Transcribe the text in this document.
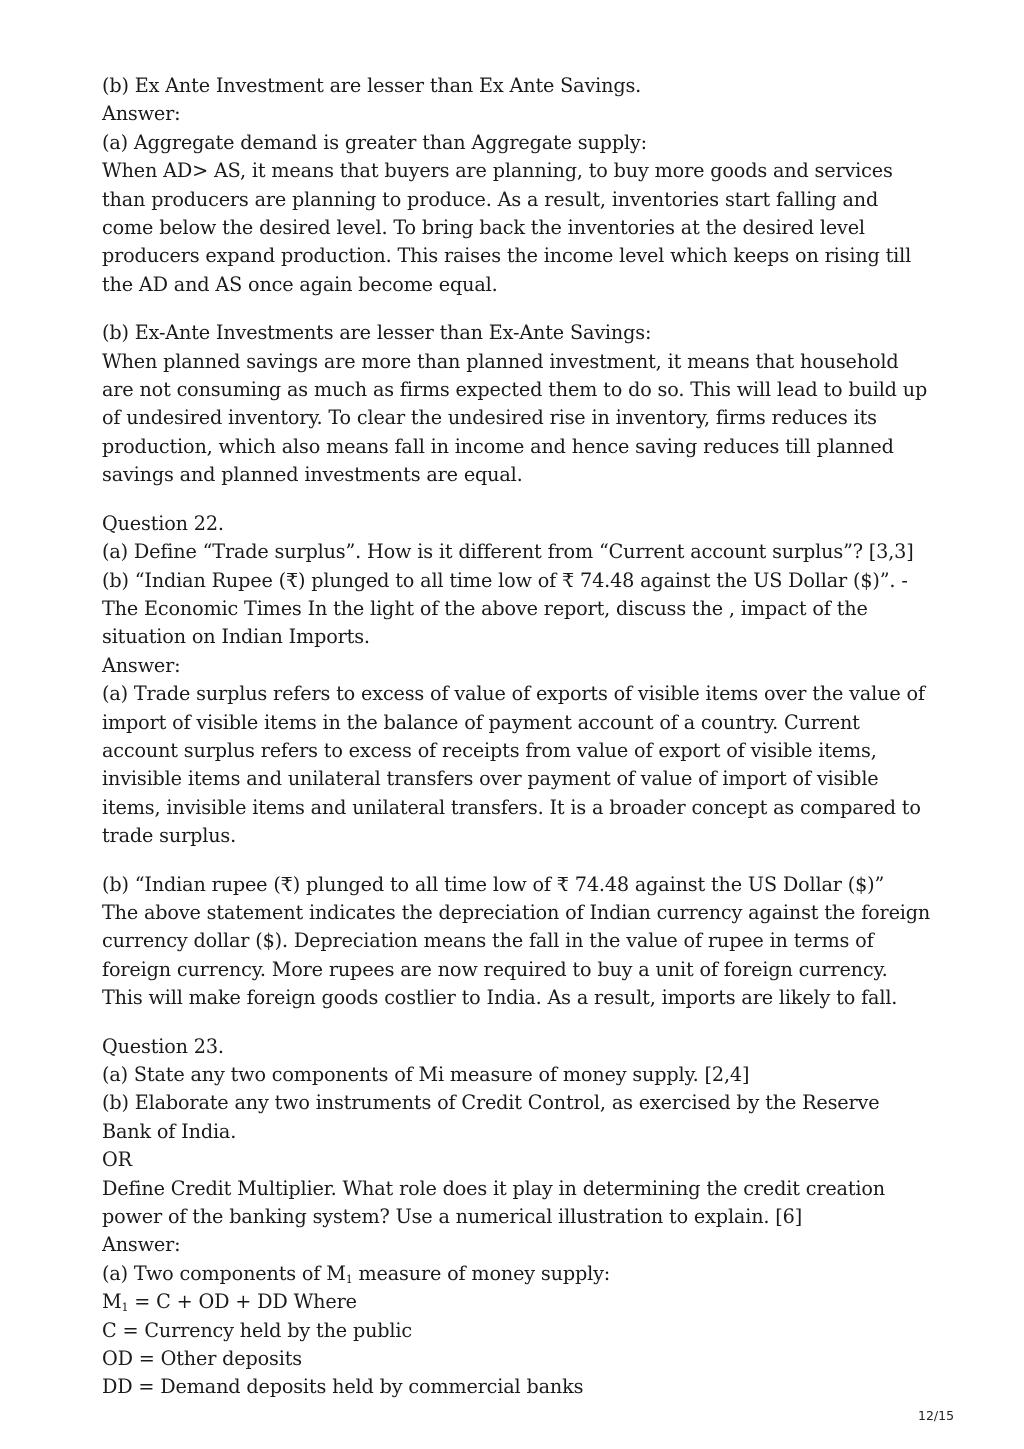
(b) Ex Ante Investment are lesser than Ex Ante Savings.

Answer:

(a) Aggregate demand is greater than Aggregate supply:

When AD> AS, it means that buyers are planning, to buy more goods and services than producers are planning to produce. As a result, inventories start falling and come below the desired level. To bring back the inventories at the desired level producers expand production. This raises the income level which keeps on rising till the AD and AS once again become equal.

(b) Ex-Ante Investments are lesser than Ex-Ante Savings:

When planned savings are more than planned investment, it means that household are not consuming as much as firms expected them to do so. This will lead to build up of undesired inventory. To clear the undesired rise in inventory, firms reduces its production, which also means fall in income and hence saving reduces till planned savings and planned investments are equal.

Question 22.

(a) Define “Trade surplus”. How is it different from “Current account surplus”? [3,3]

(b) “Indian Rupee (₹) plunged to all time low of ₹ 74.48 against the US Dollar ($)”. -The Economic Times In the light of the above report, discuss the , impact of the situation on Indian Imports.

Answer:

(a) Trade surplus refers to excess of value of exports of visible items over the value of import of visible items in the balance of payment account of a country. Current account surplus refers to excess of receipts from value of export of visible items, invisible items and unilateral transfers over payment of value of import of visible items, invisible items and unilateral transfers. It is a broader concept as compared to trade surplus.

(b) “Indian rupee (₹) plunged to all time low of ₹ 74.48 against the US Dollar ($)”

The above statement indicates the depreciation of Indian currency against the foreign currency dollar ($). Depreciation means the fall in the value of rupee in terms of foreign currency. More rupees are now required to buy a unit of foreign currency. This will make foreign goods costlier to India. As a result, imports are likely to fall.

Question 23.

(a) State any two components of Mi measure of money supply. [2,4]

(b) Elaborate any two instruments of Credit Control, as exercised by the Reserve Bank of India.

OR

Define Credit Multiplier. What role does it play in determining the credit creation power of the banking system? Use a numerical illustration to explain. [6]

Answer:

(a) Two components of $M_1$ measure of money supply:

$M_1 = C$ + OD + DD Where

C = Currency held by the public

OD = Other deposits

DD = Demand deposits held by commercial banks

12/15
